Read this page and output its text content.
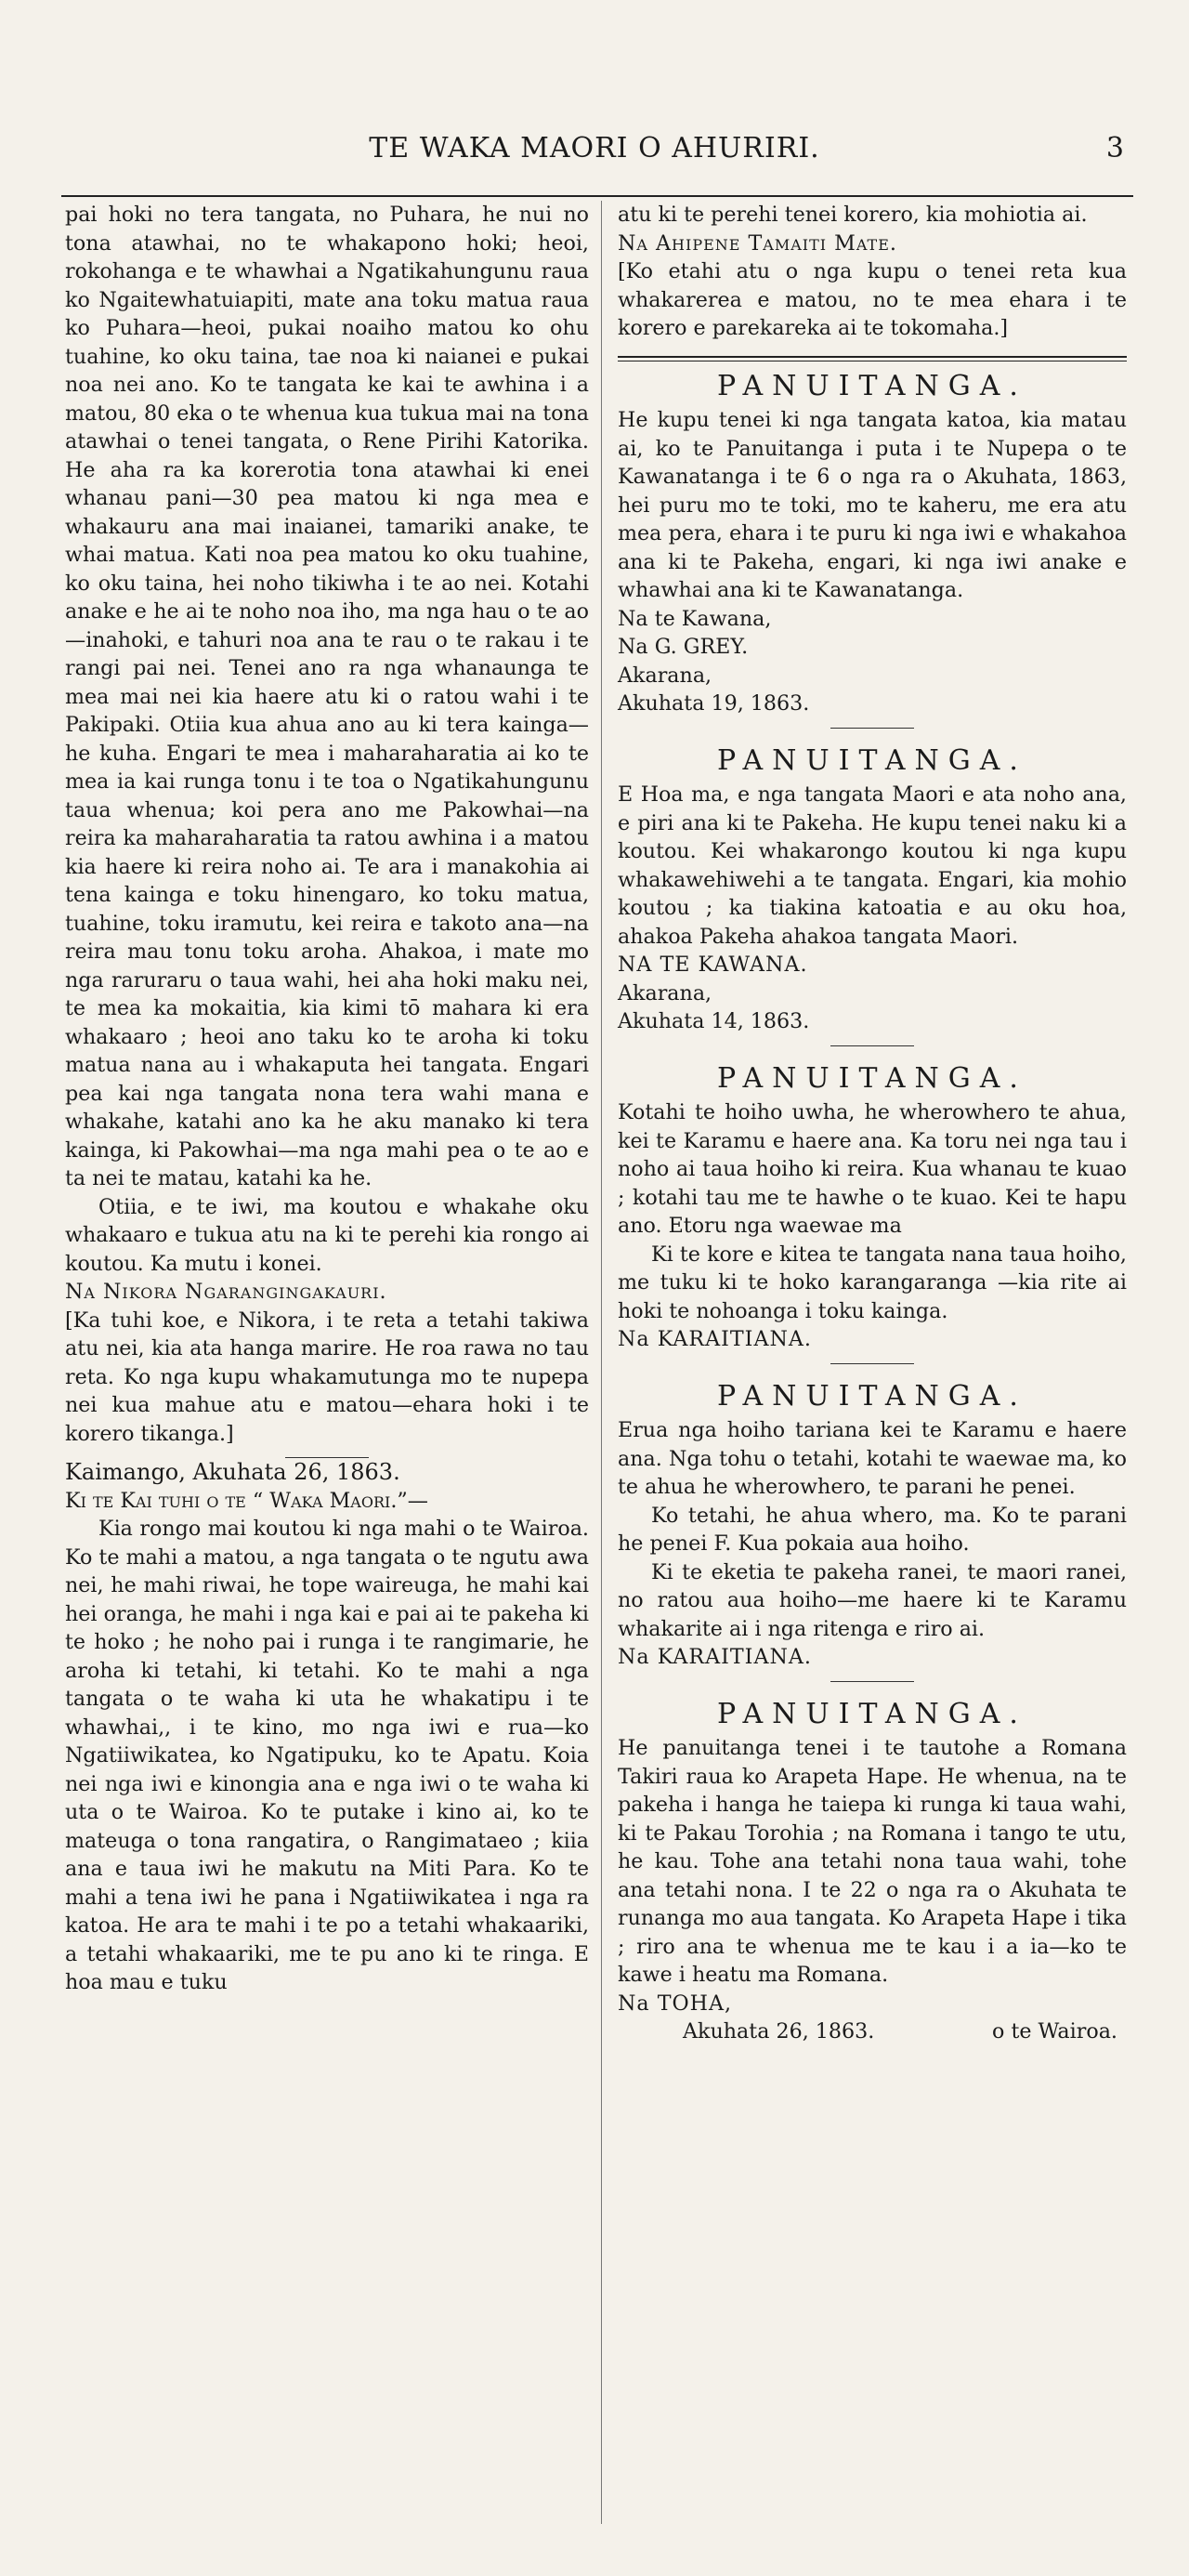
TE WAKA MAORI O AHURIRI.	3

pai hoki no tera tangata, no Puhara, he nui no tona atawhai, no te whakapono hoki; heoi, rokohanga e te whawhai a Ngatikahungunu raua ko Ngaitewhatuiapiti, mate ana toku matua raua ko Puhara—heoi, pukai noaiho matou ko ohu tuahine, ko oku taina, tae noa ki naianei e pukai noa nei ano. Ko te tangata ke kai te awhina i a matou, 80 eka o te whenua kua tukua mai na tona atawhai o tenei tangata, o Rene Pirihi Katorika. He aha ra ka korerotia tona atawhai ki enei whanau pani—30 pea matou ki nga mea e whakauru ana mai inaianei, tamariki anake, te whai matua. Kati noa pea matou ko oku tuahine, ko oku taina, hei noho tikiwha i te ao nei. Kotahi anake e he ai te noho noa iho, ma nga hau o te ao—inahoki, e tahuri noa ana te rau o te rakau i te rangi pai nei. Tenei ano ra nga whanaunga te mea mai nei kia haere atu ki o ratou wahi i te Pakipaki. Otiia kua ahua ano au ki tera kainga—he kuha. Engari te mea i maharaharatia ai ko te mea ia kai runga tonu i te toa o Ngatikahungunu taua whenua; koi pera ano me Pakowhai—na reira ka maharaharatia ta ratou awhina i a matou kia haere ki reira noho ai. Te ara i manakohia ai tena kainga e toku hinengaro, ko toku matua, tuahine, toku iramutu, kei reira e takoto ana—na reira mau tonu toku aroha. Ahakoa, i mate mo nga raruraru o taua wahi, hei aha hoki maku nei, te mea ka mokaitia, kia kimi tō mahara ki era whakaaro ; heoi ano taku ko te aroha ki toku matua nana au i whakaputa hei tangata. Engari pea kai nga tangata nona tera wahi mana e whakahe, katahi ano ka he aku manako ki tera kainga, ki Pakowhai—ma nga mahi pea o te ao e ta nei te matau, katahi ka he.

Otiia, e te iwi, ma koutou e whakahe oku whakaaro e tukua atu na ki te perehi kia rongo ai koutou. Ka mutu i konei.

Na Nikora Ngarangingakauri.

[Ka tuhi koe, e Nikora, i te reta a tetahi takiwa atu nei, kia ata hanga marire. He roa rawa no tau reta. Ko nga kupu whakamutunga mo te nupepa nei kua mahue atu e matou—ehara hoki i te korero tikanga.]

Kaimango, Akuhata 26, 1863.

Ki te Kai tuhi o te “ Waka Maori.”—

Kia rongo mai koutou ki nga mahi o te Wairoa. Ko te mahi a matou, a nga tangata o te ngutu awa nei, he mahi riwai, he tope waireuga, he mahi kai hei oranga, he mahi i nga kai e pai ai te pakeha ki te hoko ; he noho pai i runga i te rangimarie, he aroha ki tetahi, ki tetahi. Ko te mahi a nga tangata o te waha ki uta he whakatipu i te whawhai,, i te kino, mo nga iwi e rua—ko Ngatiiwikatea, ko Ngatipuku, ko te Apatu. Koia nei nga iwi e kinongia ana e nga iwi o te waha ki uta o te Wairoa. Ko te putake i kino ai, ko te mateuga o tona rangatira, o Rangimataeo ; kiia ana e taua iwi he makutu na Miti Para. Ko te mahi a tena iwi he pana i Ngatiiwikatea i nga ra katoa. He ara te mahi i te po a tetahi whakaariki, a tetahi whakaariki, me te pu ano ki te ringa. E hoa mau e tuku

atu ki te perehi tenei korero, kia mohiotia ai.

Na Ahipene Tamaiti Mate.

[Ko etahi atu o nga kupu o tenei reta kua whakarerea e matou, no te mea ehara i te korero e parekareka ai te tokomaha.]

PANUITANGA.

He kupu tenei ki nga tangata katoa, kia matau ai, ko te Panuitanga i puta i te Nupepa o te Kawanatanga i te 6 o nga ra o Akuhata, 1863, hei puru mo te toki, mo te kaheru, me era atu mea pera, ehara i te puru ki nga iwi e whakahoa ana ki te Pakeha, engari, ki nga iwi anake e whawhai ana ki te Kawanatanga.

Na te Kawana,

Na G. GREY.

Akarana,

Akuhata 19, 1863.

PANUITANGA.

E Hoa ma, e nga tangata Maori e ata noho ana, e piri ana ki te Pakeha. He kupu tenei naku ki a koutou. Kei whakarongo koutou ki nga kupu whakawehiwehi a te tangata. Engari, kia mohio koutou ; ka tiakina katoatia e au oku hoa, ahakoa Pakeha ahakoa tangata Maori.

NA TE KAWANA.

Akarana,

Akuhata 14, 1863.

PANUITANGA.

Kotahi te hoiho uwha, he wherowhero te ahua, kei te Karamu e haere ana. Ka toru nei nga tau i noho ai taua hoiho ki reira. Kua whanau te kuao ; kotahi tau me te hawhe o te kuao. Kei te hapu ano. Etoru nga waewae ma

Ki te kore e kitea te tangata nana taua hoiho, me tuku ki te hoko karangaranga —kia rite ai hoki te nohoanga i toku kainga.

Na KARAITIANA.

PANUITANGA.

Erua nga hoiho tariana kei te Karamu e haere ana. Nga tohu o tetahi, kotahi te waewae ma, ko te ahua he wherowhero, te parani he penei.

Ko tetahi, he ahua whero, ma. Ko te parani he penei F. Kua pokaia aua hoiho.

Ki te eketia te pakeha ranei, te maori ranei, no ratou aua hoiho—me haere ki te Karamu whakarite ai i nga ritenga e riro ai.

Na KARAITIANA.

PANUITANGA.

He panuitanga tenei i te tautohe a Romana Takiri raua ko Arapeta Hape. He whenua, na te pakeha i hanga he taiepa ki runga ki taua wahi, ki te Pakau Torohia ; na Romana i tango te utu, he kau. Tohe ana tetahi nona taua wahi, tohe ana tetahi nona. I te 22 o nga ra o Akuhata te runanga mo aua tangata. Ko Arapeta Hape i tika ; riro ana te whenua me te kau i a ia—ko te kawe i heatu ma Romana.

Na TOHA,

Akuhata 26, 1863.	o te Wairoa.
